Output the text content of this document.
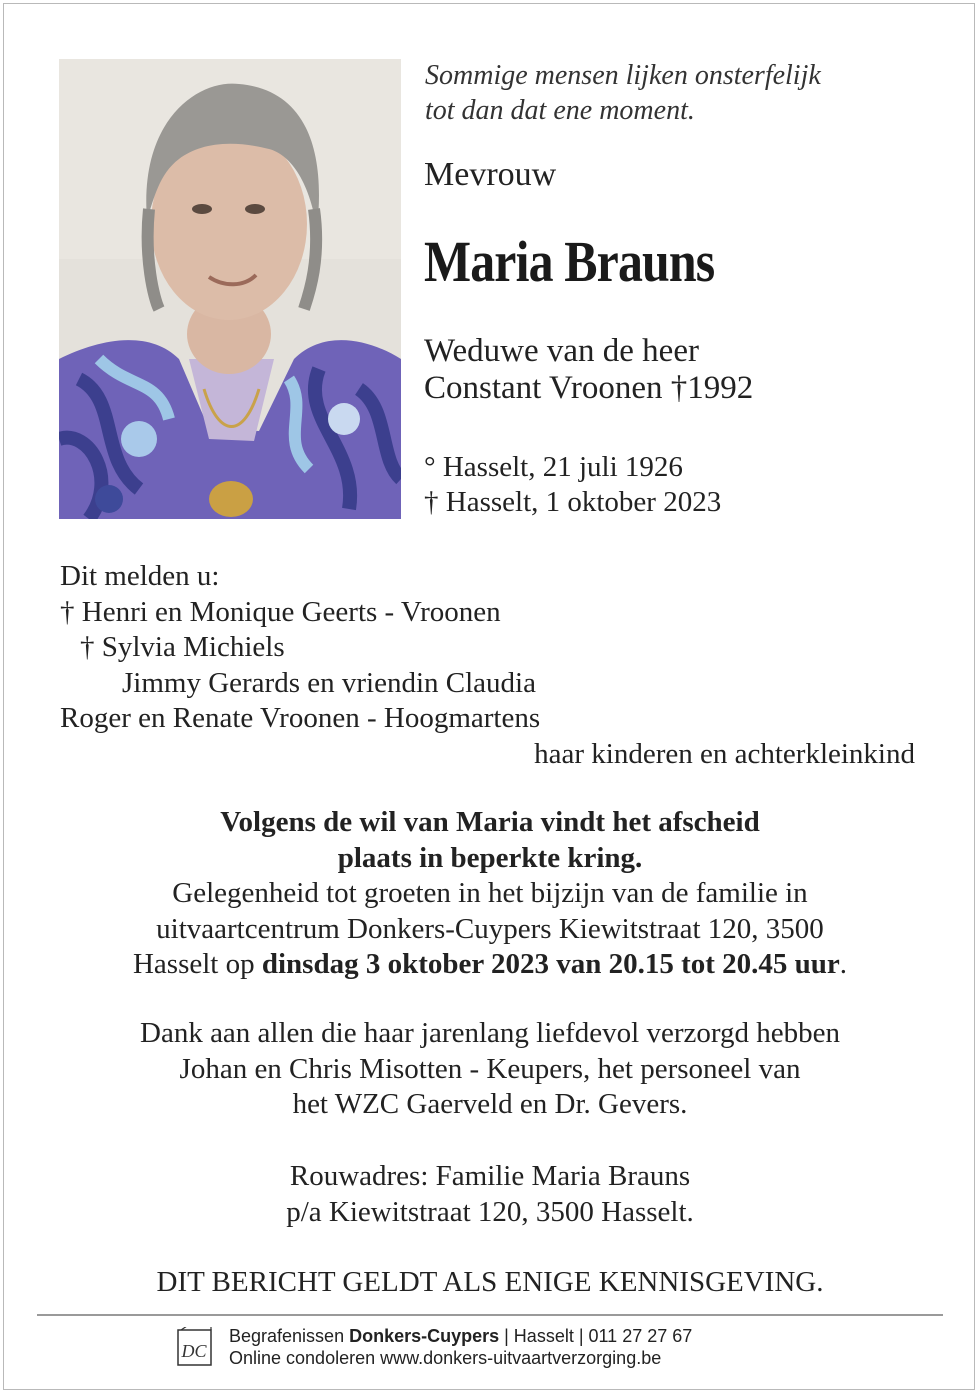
Sommige mensen lijken onsterfelijk
tot dan dat ene moment.
Mevrouw
Maria Brauns
Weduwe van de heer
Constant Vroonen †1992
° Hasselt, 21 juli 1926
† Hasselt, 1 oktober 2023
Dit melden u:
† Henri en Monique Geerts - Vroonen
† Sylvia Michiels
Jimmy Gerards en vriendin Claudia
Roger en Renate Vroonen - Hoogmartens
haar kinderen en achterkleinkind
Volgens de wil van Maria vindt het afscheid
plaats in beperkte kring.
Gelegenheid tot groeten in het bijzijn van de familie in
uitvaartcentrum Donkers-Cuypers Kiewitstraat 120, 3500
Hasselt op dinsdag 3 oktober 2023 van 20.15 tot 20.45 uur.
Dank aan allen die haar jarenlang liefdevol verzorgd hebben
Johan en Chris Misotten - Keupers, het personeel van
het WZC Gaerveld en Dr. Gevers.
Rouwadres: Familie Maria Brauns
p/a Kiewitstraat 120, 3500 Hasselt.
DIT BERICHT GELDT ALS ENIGE KENNISGEVING.
DC
Begrafenissen Donkers-Cuypers | Hasselt | 011 27 27 67
Online condoleren www.donkers-uitvaartverzorging.be
